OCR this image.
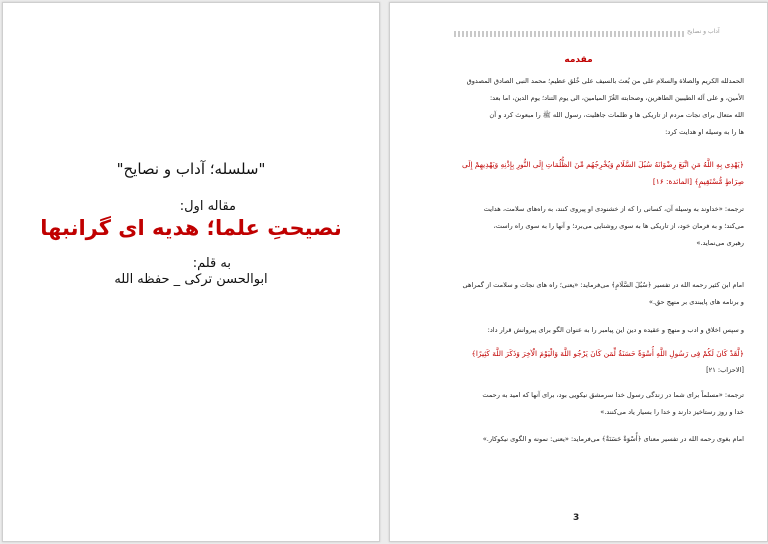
"سلسله؛ آداب و نصایح"
مقاله اول:
نصیحتِ علما؛ هدیه ای گرانبها
به قلم:
ابوالحسن ترکی _ حفظه الله
آداب و نصایح
مقدمه
الحمدلله الکریم والصلاة والسلام علی من بُعث بالسیف علی خُلق عظیم؛ محمد النبی الصادق المصدوق
الأمین، و علی آله الطیبین الطاهرین، وصحابته الغُرّ المیامین، الی یوم التناد؛ یوم الدین، اما بعد:
الله متعال برای نجات مردم از تاریکی ها و ظلمات جاهلیت، رسول الله ﷺ را مبعوث کرد و آن
ها را به وسیله او هدایت کرد:
﴿یَهْدِی بِهِ اللَّهُ مَنِ اتَّبَعَ رِضْوَانَهُ سُبُلَ السَّلَامِ وَیُخْرِجُهُم مِّنَ الظُّلُمَاتِ إِلَى النُّورِ بِإِذْنِهِ وَیَهْدِیهِمْ إِلَى
صِرَاطٍ مُّسْتَقِیمٍ﴾ [المائدة: ۱۶]
ترجمه: «خداوند به وسیله آن، کسانی را که از خشنودی او پیروی کنند، به راه‌های سلامت، هدایت
می‌کند؛ و به فرمان خود، از تاریکی ها به سوی روشنایی می‌برد؛ و آنها را به سوی راه راست،
رهبری می‌نماید.»
امام ابن کثیر رحمه الله در تفسیر ﴿سُبُلَ السَّلَامِ﴾ می‌فرماید: «یعنی؛ راه های نجات و سلامت از گمراهی
و برنامه های پایبندی بر منهج حق.»
و سپس اخلاق و ادب و منهج و عقیده و دین این پیامبر را به عنوان الگو برای پیروانش قرار داد:
﴿لَّقَدْ كَانَ لَكُمْ فِی رَسُولِ اللَّهِ أُسْوَةٌ حَسَنَةٌ لِّمَن كَانَ یَرْجُو اللَّهَ وَالْیَوْمَ الْآخِرَ وَذَكَرَ اللَّهَ كَثِیرًا﴾
[الاحزاب: ۲۱]
ترجمه: «مسلماً برای شما در زندگی رسول خدا سرمشق نیکویی بود، برای آنها که امید به رحمت
خدا و روز رستاخیز دارند و خدا را بسیار یاد می‌کنند.»
امام بغوی رحمه الله در تفسیر معنای ﴿أُسْوَةٌ حَسَنَةٌ﴾ می‌فرماید: «یعنی: نمونه و الگوی نیکوکار.»
3
